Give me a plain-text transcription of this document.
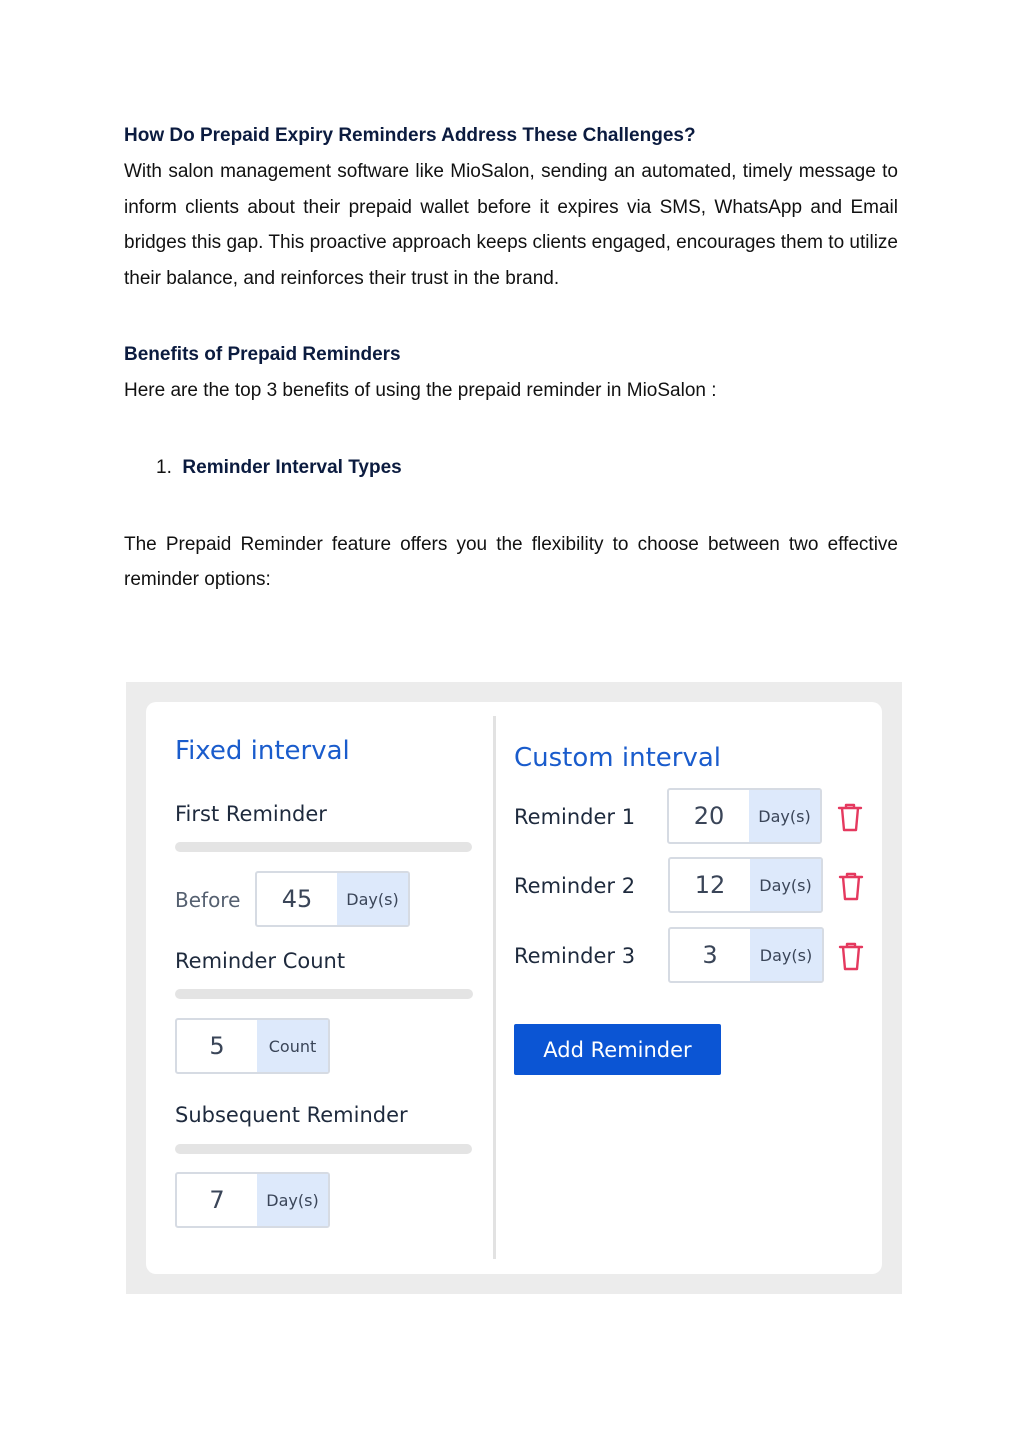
How Do Prepaid Expiry Reminders Address These Challenges?

With salon management software like MioSalon, sending an automated, timely message to inform clients about their prepaid wallet before it expires via SMS, WhatsApp and Email bridges this gap. This proactive approach keeps clients engaged, encourages them to utilize their balance, and reinforces their trust in the brand.

Benefits of Prepaid Reminders

Here are the top 3 benefits of using the prepaid reminder in MioSalon :

1. Reminder Interval Types

The Prepaid Reminder feature offers you the flexibility to choose between two effective reminder options:

Fixed interval
First Reminder
Before	45	Day(s)
Reminder Count
5	Count
Subsequent Reminder
7	Day(s)
Custom interval
Reminder 1	20	Day(s)
Reminder 2	12	Day(s)
Reminder 3	3	Day(s)
Add Reminder
